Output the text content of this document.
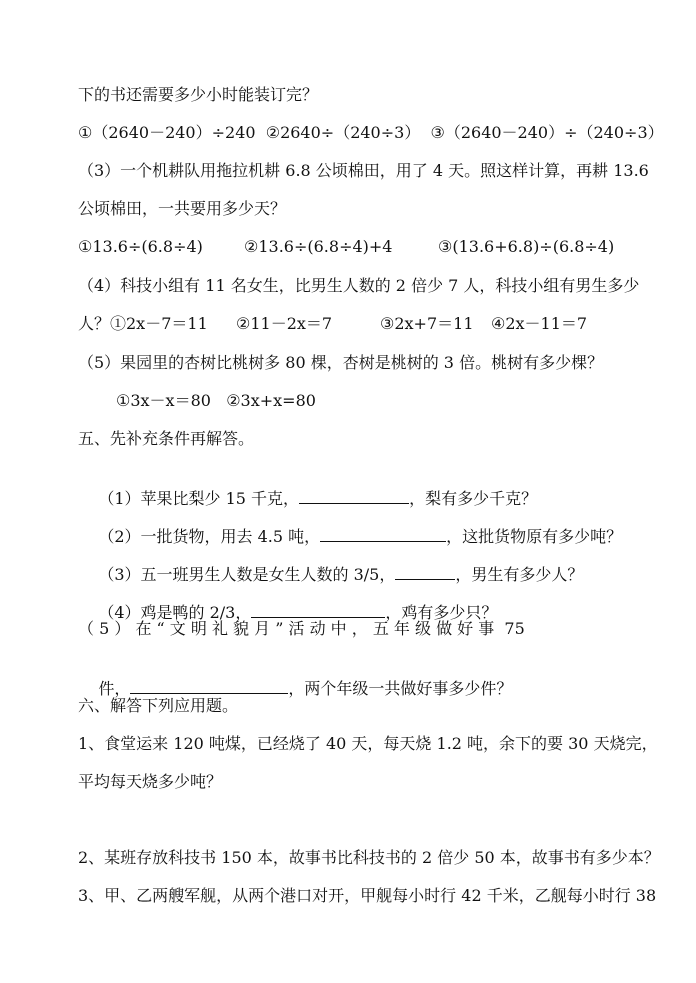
下的书还需要多少小时能装订完？
①（2640－240）÷240  ②2640÷（240÷3）  ③（2640－240）÷（240÷3）
（3）一个机耕队用拖拉机耕 6.8 公顷棉田，用了 4 天。照这样计算，再耕 13.6
公顷棉田，一共要用多少天？
①13.6÷(6.8÷4)	②13.6÷(6.8÷4)+4	③(13.6+6.8)÷(6.8÷4)
（4）科技小组有 11 名女生，比男生人数的 2 倍少 7 人，科技小组有男生多少
人？①2x－7＝11 ②11－2x＝7	③2x+7＝11 ④2x－11＝7
（5）果园里的杏树比桃树多 80 棵，杏树是桃树的 3 倍。桃树有多少棵？
①3x－x＝80   ②3x+x=80
五、先补充条件再解答。

（1）苹果比梨少 15 千克，	，梨有多少千克？

（2）一批货物，用去 4.5 吨，	，这批货物原有多少吨？

（3）五一班男生人数是女生人数的 3/5，	，男生有多少人？

（4）鸡是鸭的 2/3，	，鸡有多少只？

（ 5 ） 在 “ 文 明 礼 貌 月 ” 活 动 中 ， 五 年 级 做 好 事  75

件，	，两个年级一共做好事多少件？

六、解答下列应用题。
1、食堂运来 120 吨煤，已经烧了 40 天，每天烧 1.2 吨，余下的要 30 天烧完，
平均每天烧多少吨？
2、某班存放科技书 150 本，故事书比科技书的 2 倍少 50 本，故事书有多少本？
3、甲、乙两艘军舰，从两个港口对开，甲舰每小时行 42 千米，乙舰每小时行 38
